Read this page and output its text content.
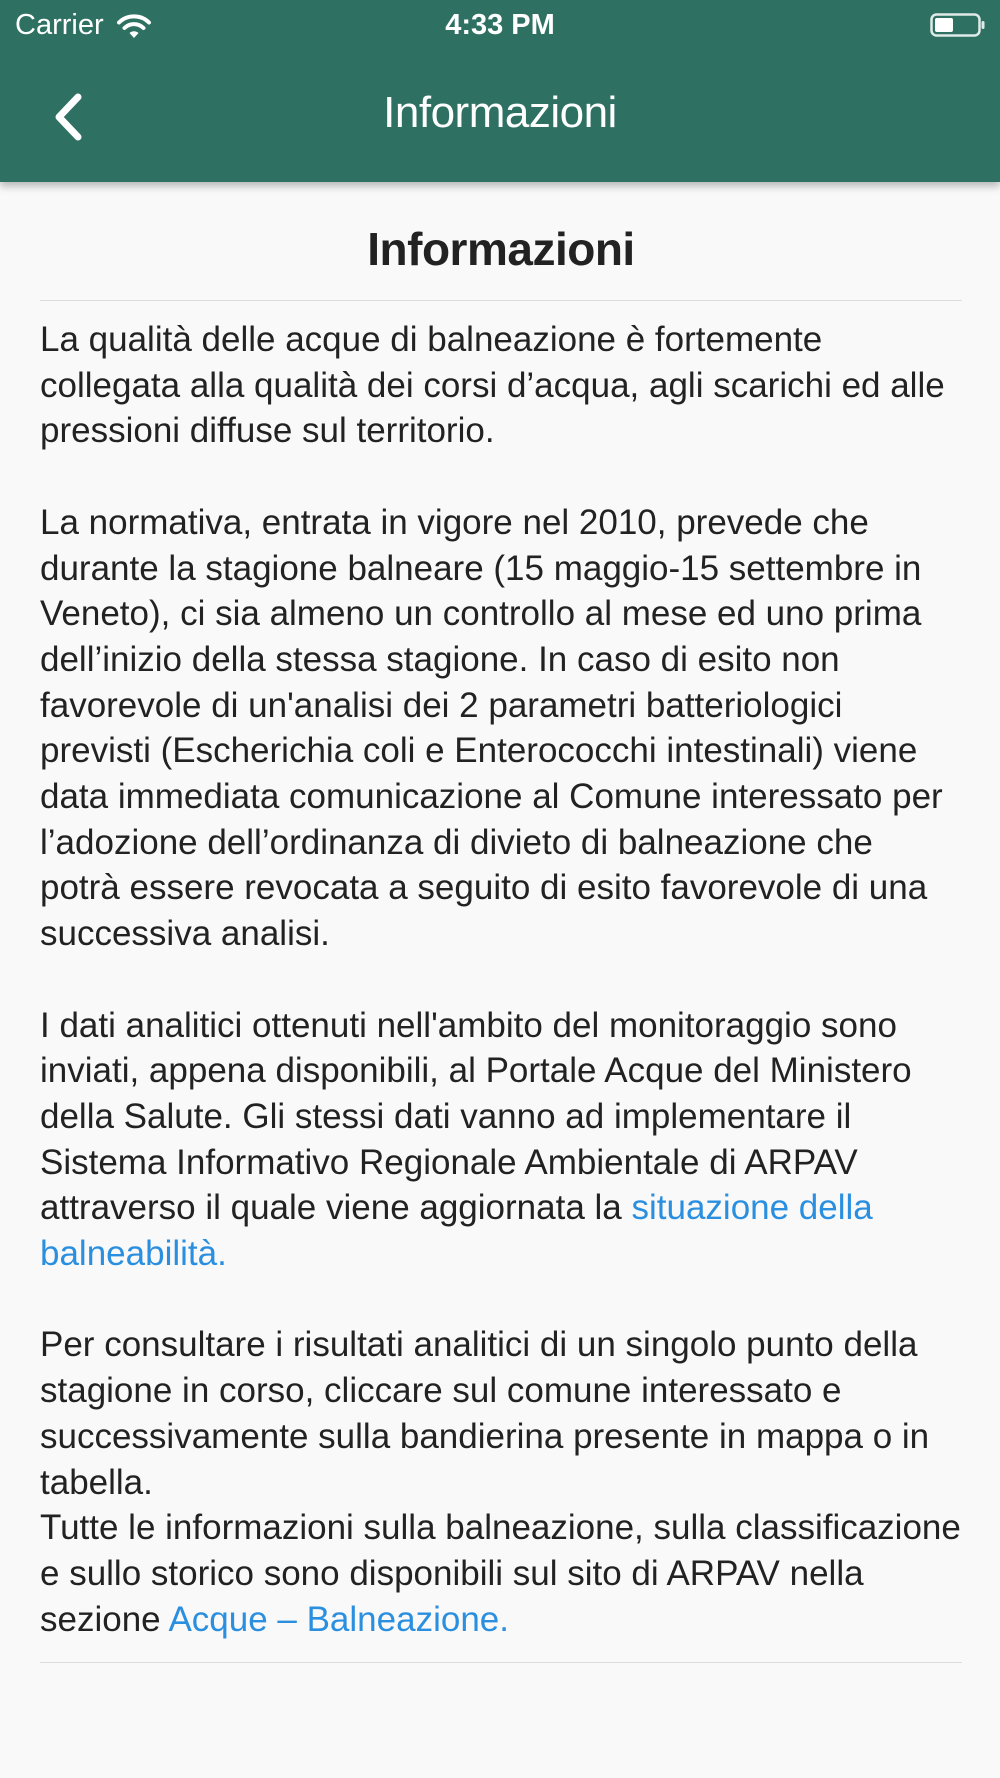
Carrier	4:33 PM
Informazioni
Informazioni

La qualità delle acque di balneazione è fortemente collegata alla qualità dei corsi d’acqua, agli scarichi ed alle pressioni diffuse sul territorio.

La normativa, entrata in vigore nel 2010, prevede che durante la stagione balneare (15 maggio-15 settembre in Veneto), ci sia almeno un controllo al mese ed uno prima dell’inizio della stessa stagione. In caso di esito non favorevole di un'analisi dei 2 parametri batteriologici previsti (Escherichia coli e Enterococchi intestinali) viene data immediata comunicazione al Comune interessato per l’adozione dell’ordinanza di divieto di balneazione che potrà essere revocata a seguito di esito favorevole di una successiva analisi.

I dati analitici ottenuti nell'ambito del monitoraggio sono inviati, appena disponibili, al Portale Acque del Ministero della Salute. Gli stessi dati vanno ad implementare il Sistema Informativo Regionale Ambientale di ARPAV attraverso il quale viene aggiornata la situazione della balneabilità.

Per consultare i risultati analitici di un singolo punto della stagione in corso, cliccare sul comune interessato e successivamente sulla bandierina presente in mappa o in tabella.

Tutte le informazioni sulla balneazione, sulla classificazione e sullo storico sono disponibili sul sito di ARPAV nella sezione Acque – Balneazione.
